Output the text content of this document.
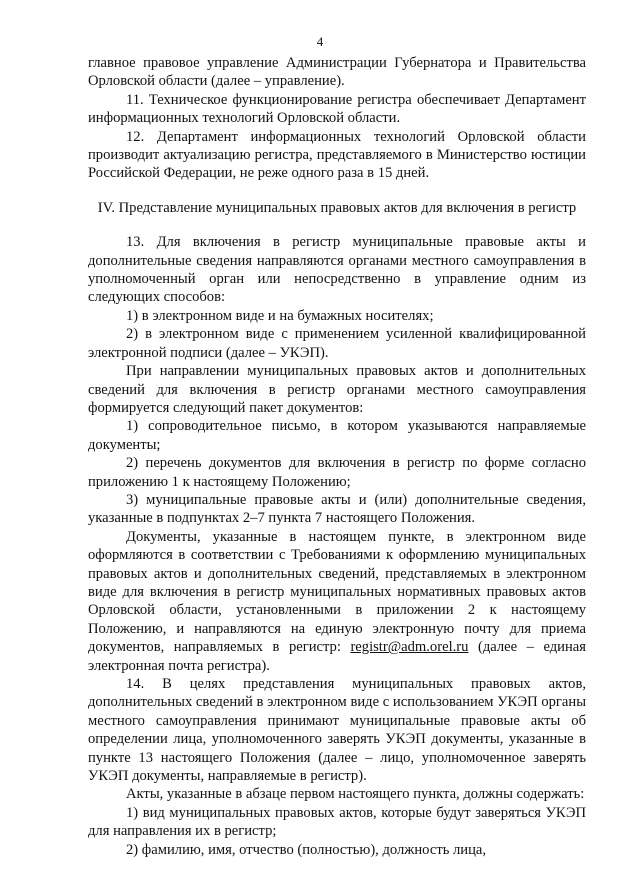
4

главное правовое управление Администрации Губернатора и Правительства Орловской области (далее – управление).

11. Техническое функционирование регистра обеспечивает Департамент информационных технологий Орловской области.

12. Департамент информационных технологий Орловской области производит актуализацию регистра, представляемого в Министерство юстиции Российской Федерации, не реже одного раза в 15 дней.

IV. Представление муниципальных правовых актов для включения в регистр

13. Для включения в регистр муниципальные правовые акты и дополнительные сведения направляются органами местного самоуправления в уполномоченный орган или непосредственно в управление одним из следующих способов:

1) в электронном виде и на бумажных носителях;

2) в электронном виде с применением усиленной квалифицированной электронной подписи (далее – УКЭП).

При направлении муниципальных правовых актов и дополнительных сведений для включения в регистр органами местного самоуправления формируется следующий пакет документов:

1) сопроводительное письмо, в котором указываются направляемые документы;

2) перечень документов для включения в регистр по форме согласно приложению 1 к настоящему Положению;

3) муниципальные правовые акты и (или) дополнительные сведения, указанные в подпунктах 2–7 пункта 7 настоящего Положения.

Документы, указанные в настоящем пункте, в электронном виде оформляются в соответствии с Требованиями к оформлению муниципальных правовых актов и дополнительных сведений, представляемых в электронном виде для включения в регистр муниципальных нормативных правовых актов Орловской области, установленными в приложении 2 к настоящему Положению, и направляются на единую электронную почту для приема документов, направляемых в регистр: registr@adm.orel.ru (далее – единая электронная почта регистра).

14. В целях представления муниципальных правовых актов, дополнительных сведений в электронном виде с использованием УКЭП органы местного самоуправления принимают муниципальные правовые акты об определении лица, уполномоченного заверять УКЭП документы, указанные в пункте 13 настоящего Положения (далее – лицо, уполномоченное заверять УКЭП документы, направляемые в регистр).

Акты, указанные в абзаце первом настоящего пункта, должны содержать:

1) вид муниципальных правовых актов, которые будут заверяться УКЭП для направления их в регистр;

2) фамилию, имя, отчество (полностью), должность лица,
